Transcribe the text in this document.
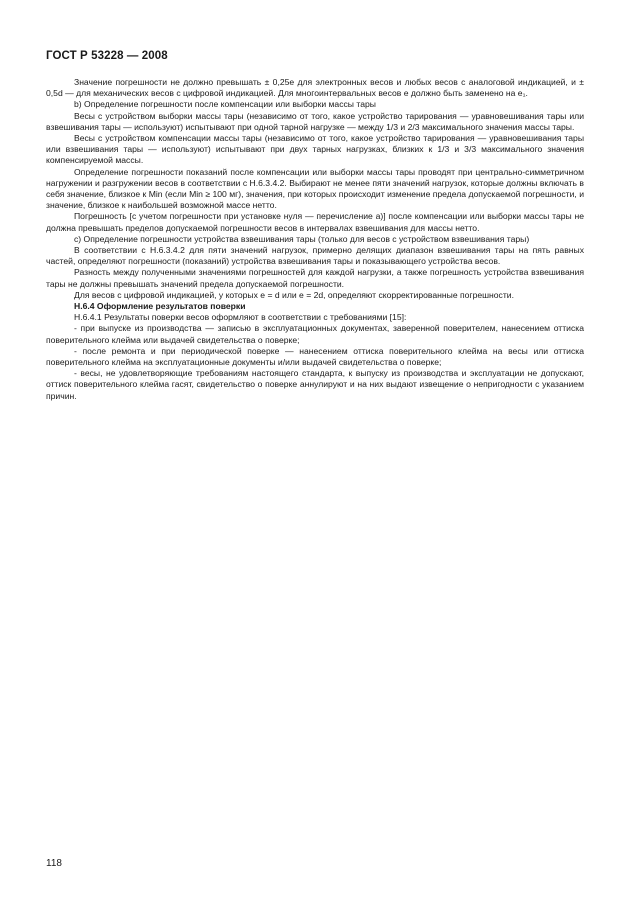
ГОСТ Р 53228 — 2008

Значение погрешности не должно превышать ± 0,25e для электронных весов и любых весов с аналоговой индикацией, и ± 0,5d — для механических весов с цифровой индикацией. Для многоинтервальных весов e должно быть заменено на e₁.

b) Определение погрешности после компенсации или выборки массы тары

Весы с устройством выборки массы тары (независимо от того, какое устройство тарирования — уравновешивания тары или взвешивания тары — используют) испытывают при одной тарной нагрузке — между 1/3 и 2/3 максимального значения массы тары.

Весы с устройством компенсации массы тары (независимо от того, какое устройство тарирования — уравновешивания тары или взвешивания тары — используют) испытывают при двух тарных нагрузках, близких к 1/3 и 3/3 максимального значения компенсируемой массы.

Определение погрешности показаний после компенсации или выборки массы тары проводят при центрально-симметричном нагружении и разгружении весов в соответствии с Н.6.3.4.2. Выбирают не менее пяти значений нагрузок, которые должны включать в себя значение, близкое к Min (если Min ≥ 100 мг), значения, при которых происходит изменение предела допускаемой погрешности, и значение, близкое к наибольшей возможной массе нетто.

Погрешность [с учетом погрешности при установке нуля — перечисление а)] после компенсации или выборки массы тары не должна превышать пределов допускаемой погрешности весов в интервалах взвешивания для массы нетто.

с) Определение погрешности устройства взвешивания тары (только для весов с устройством взвешивания тары)

В соответствии с Н.6.3.4.2 для пяти значений нагрузок, примерно делящих диапазон взвешивания тары на пять равных частей, определяют погрешности (показаний) устройства взвешивания тары и показывающего устройства весов.

Разность между полученными значениями погрешностей для каждой нагрузки, а также погрешность устройства взвешивания тары не должны превышать значений предела допускаемой погрешности.

Для весов с цифровой индикацией, у которых e = d или e = 2d, определяют скорректированные погрешности.

Н.6.4 Оформление результатов поверки

Н.6.4.1 Результаты поверки весов оформляют в соответствии с требованиями [15]:

- при выпуске из производства — записью в эксплуатационных документах, заверенной поверителем, нанесением оттиска поверительного клейма или выдачей свидетельства о поверке;

- после ремонта и при периодической поверке — нанесением оттиска поверительного клейма на весы или оттиска поверительного клейма на эксплуатационные документы и/или выдачей свидетельства о поверке;

- весы, не удовлетворяющие требованиям настоящего стандарта, к выпуску из производства и эксплуатации не допускают, оттиск поверительного клейма гасят, свидетельство о поверке аннулируют и на них выдают извещение о непригодности с указанием причин.

118
